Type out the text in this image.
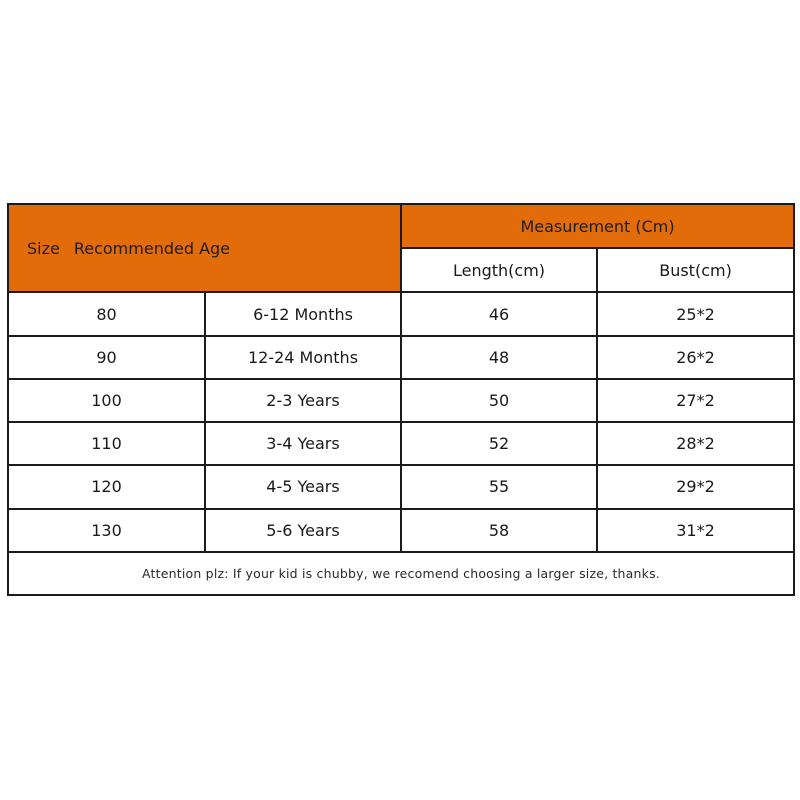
Size Recommended Age		Measurement (Cm)	
		Length(cm)	Bust(cm)
80	6-12 Months	46	25*2
90	12-24 Months	48	26*2
100	2-3 Years	50	27*2
110	3-4 Years	52	28*2
120	4-5 Years	55	29*2
130	5-6 Years	58	31*2
Attention plz: If your kid is chubby, we recomend choosing a larger size, thanks.			
